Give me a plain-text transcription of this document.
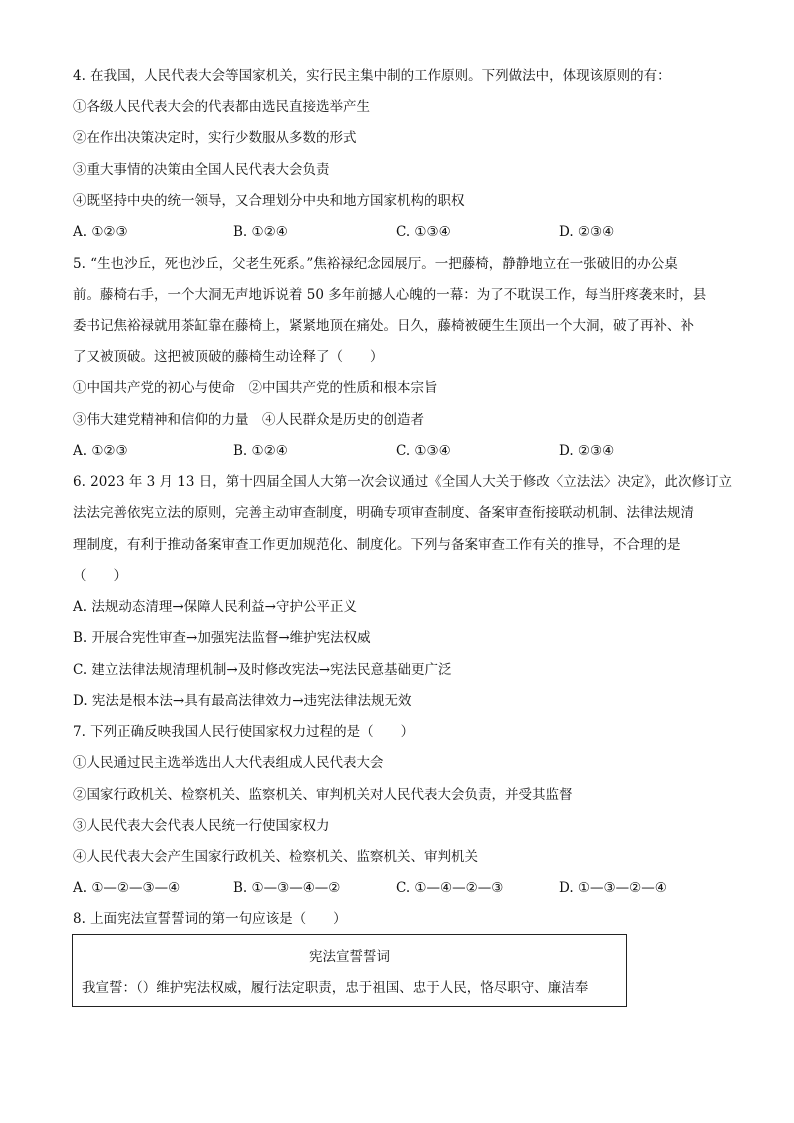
4. 在我国，人民代表大会等国家机关，实行民主集中制的工作原则。下列做法中，体现该原则的有：
①各级人民代表大会的代表都由选民直接选举产生
②在作出决策决定时，实行少数服从多数的形式
③重大事情的决策由全国人民代表大会负责
④既坚持中央的统一领导，又合理划分中央和地方国家机构的职权
A. ①②③	B. ①②④	C. ①③④	D. ②③④
5. “生也沙丘，死也沙丘，父老生死系。”焦裕禄纪念园展厅。一把藤椅，静静地立在一张破旧的办公桌
前。藤椅右手，一个大洞无声地诉说着 50 多年前撼人心魄的一幕：为了不耽误工作，每当肝疼袭来时，县
委书记焦裕禄就用茶缸靠在藤椅上，紧紧地顶在痛处。日久，藤椅被硬生生顶出一个大洞，破了再补、补
了又被顶破。这把被顶破的藤椅生动诠释了（　　）
①中国共产党的初心与使命　②中国共产党的性质和根本宗旨
③伟大建党精神和信仰的力量　④人民群众是历史的创造者
A. ①②③	B. ①②④	C. ①③④	D. ②③④
6. 2023 年 3 月 13 日，第十四届全国人大第一次会议通过《全国人大关于修改〈立法法〉决定》，此次修订立
法法完善依宪立法的原则，完善主动审查制度，明确专项审查制度、备案审查衔接联动机制、法律法规清
理制度，有利于推动备案审查工作更加规范化、制度化。下列与备案审查工作有关的推导，不合理的是
（　　）
A. 法规动态清理→保障人民利益→守护公平正义
B. 开展合宪性审查→加强宪法监督→维护宪法权威
C. 建立法律法规清理机制→及时修改宪法→宪法民意基础更广泛
D. 宪法是根本法→具有最高法律效力→违宪法律法规无效
7. 下列正确反映我国人民行使国家权力过程的是（　　）
①人民通过民主选举选出人大代表组成人民代表大会
②国家行政机关、检察机关、监察机关、审判机关对人民代表大会负责，并受其监督
③人民代表大会代表人民统一行使国家权力
④人民代表大会产生国家行政机关、检察机关、监察机关、审判机关
A. ①—②—③—④	B. ①—③—④—②	C. ①—④—②—③	D. ①—③—②—④
8. 上面宪法宣誓誓词的第一句应该是（　　）
宪法宣誓誓词
我宣誓：（）维护宪法权威，履行法定职责，忠于祖国、忠于人民，恪尽职守、廉洁奉
